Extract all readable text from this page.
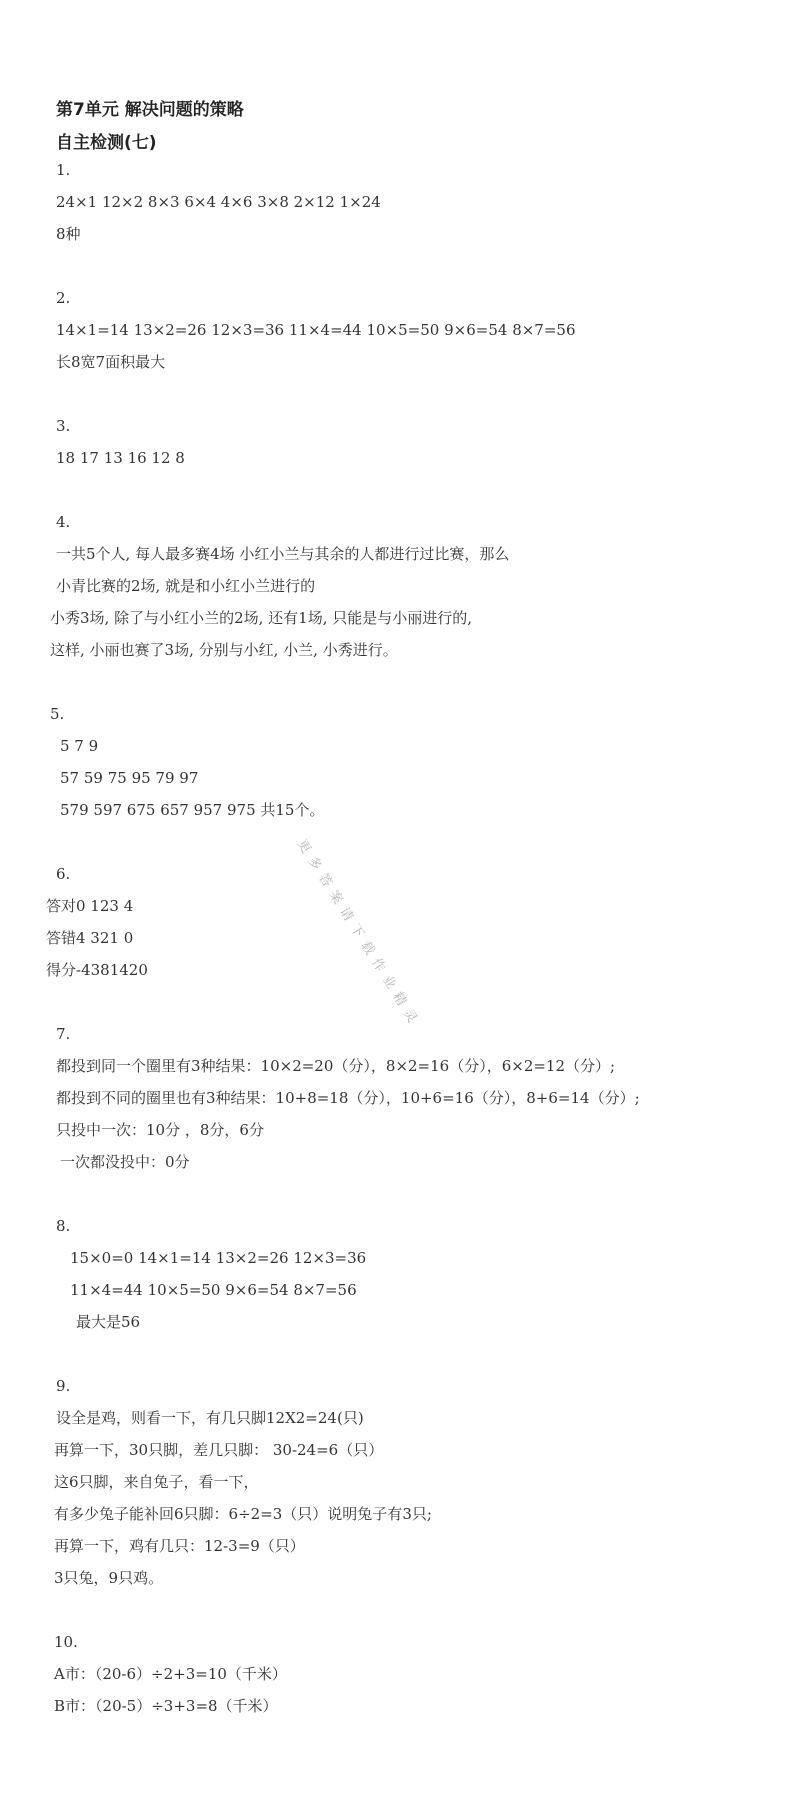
第7单元 解决问题的策略
自主检测(七)
1.
24×1 12×2 8×3 6×4 4×6 3×8 2×12 1×24
8种
2.
14×1=14 13×2=26 12×3=36 11×4=44 10×5=50 9×6=54 8×7=56
长8宽7面积最大
3.
18 17 13 16 12 8
4.
一共5个人, 每人最多赛4场 小红小兰与其余的人都进行过比赛，那么
小青比赛的2场, 就是和小红小兰进行的
小秀3场, 除了与小红小兰的2场, 还有1场, 只能是与小丽进行的,
这样, 小丽也赛了3场, 分别与小红, 小兰, 小秀进行。
5.
5 7 9
57 59 75 95 79 97
579 597 675 657 957 975 共15个。
6.
答对0 123 4
答错4 321 0
得分-4381420
7.
都投到同一个圈里有3种结果：10×2=20（分），8×2=16（分），6×2=12（分）;
都投到不同的圈里也有3种结果：10+8=18（分），10+6=16（分），8+6=14（分）;
只投中一次：10分 ，8分，6分
一次都没投中：0分
8.
15×0=0 14×1=14 13×2=26 12×3=36
11×4=44 10×5=50 9×6=54 8×7=56
最大是56
9.
设全是鸡，则看一下，有几只脚12X2=24(只)
再算一下，30只脚，差几只脚： 30-24=6（只）
这6只脚，来自兔子，看一下，
有多少兔子能补回6只脚：6÷2=3（只）说明兔子有3只;
再算一下，鸡有几只：12-3=9（只）
3只兔，9只鸡。
10.
A市：（20-6）÷2+3=10（千米）
B市：（20-5）÷3+3=8（千米）
更多答案请下载作业精灵
